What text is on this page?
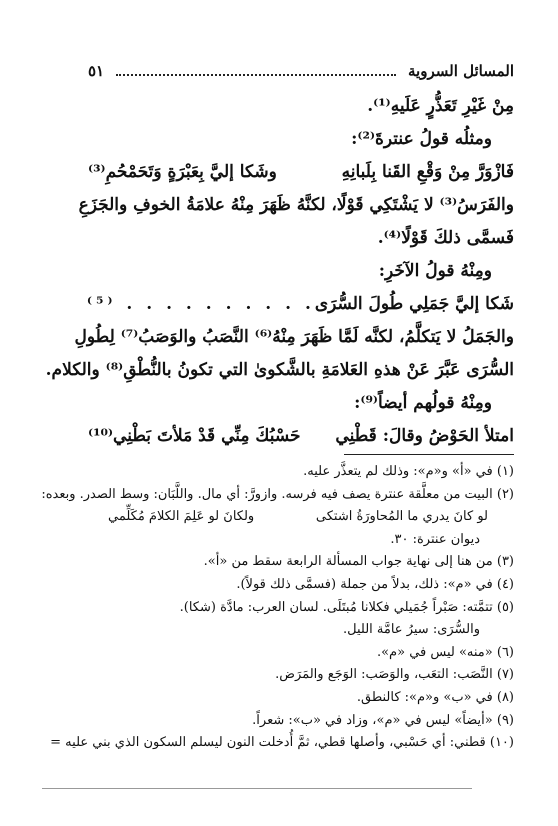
المسائل السروية
٥١
مِنْ غَيْرِ تَعَذُّرٍ عَلَيهِ⁽¹⁾.
ومثلُه قولُ عنترةَ⁽²⁾:
فَازْوَرَّ مِنْ وَقْعِ القَنا بِلَبانِهِ
وشَكا إليَّ بِعَبْرَةٍ وَتَحَمْحُمِ⁽³⁾
والفَرَسُ⁽³⁾ لا يَشْتَكِي قَوْلًا، لكنَّهُ ظَهَرَ مِنْهُ علامَةُ الخوفِ والجَزَعِ
فَسمَّى ذلكَ قَوْلًا⁽⁴⁾.
ومِنْهُ قولُ الآخَرِ:
شَكا إليَّ جَمَلِي طُولَ السُّرَى
. . . . . . . . . . ⁽⁵⁾
والجَمَلُ لا يَتكلَّمُ، لكنَّه لَمَّا ظَهَرَ مِنْهُ⁽⁶⁾ النَّصَبُ والوَصَبُ⁽⁷⁾ لِطُولِ
السُّرَى عَبَّرَ عَنْ هذهِ العَلامَةِ بالشَّكوىٰ التي تكونُ بالنُّطْقِ⁽⁸⁾ والكلام.
ومِنْهُ قولُهم أيضاً⁽⁹⁾:
امتلأ الحَوْضُ وقالَ: قَطْنِي
حَسْبُكَ مِنِّي قَدْ مَلأتَ بَطْنِي⁽¹⁰⁾
(١) في «أ» و«م»: وذلك لم يتعذَّر عليه.
(٢) البيت من معلَّقة عنترة يصف فيه فرسه. وازورَّ: أي مال. واللَّبَان: وسط الصدر. وبعده:
لو كانَ يدري ما المُحاورَةُ اشتكى
ولكانَ لو عَلِمَ الكلامَ مُكَلِّمي
ديوان عنترة: ٣٠.
(٣) من هنا إلى نهاية جواب المسألة الرابعة سقط من «أ».
(٤) في «م»: ذلك، بدلاً من جملة (فسمَّى ذلك قولاً).
(٥) تتمَّته: صَبْراً جُمَيلي فكلانا مُبتَلَى. لسان العرب: مادَّة (شكا).
والسُّرَى: سيرُ عامَّة الليل.
(٦) «منه» ليس في «م».
(٧) النَّصَب: التعَب، والوَصَب: الوَجَع والمَرَض.
(٨) في «ب» و«م»: كالنطق.
(٩) «أيضاً» ليس في «م»، وزاد في «ب»: شعراً.
(١٠) قطني: أي حَسْبي، وأصلها قطي، ثمَّ أُدخلت النون ليسلم السكون الذي بني عليه =
